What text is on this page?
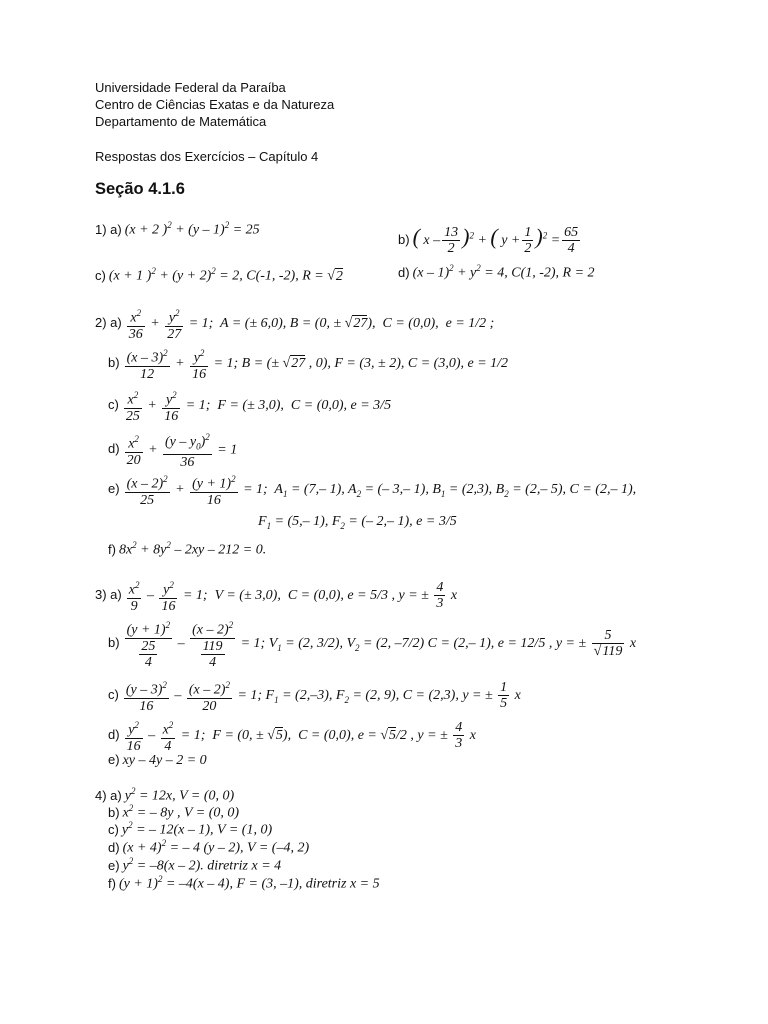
Universidade Federal da Paraíba
Centro de Ciências Exatas e da Natureza
Departamento de Matemática
Respostas dos Exercícios – Capítulo 4
Seção 4.1.6
1) a) (x + 2 )$^2$ + (y – 1)$^2$ = 25
b) ( x – $\frac{13}{2} )^2$ + ( $y + \frac{1}{2} )^2 = \frac{65}{4}$
c) (x + 1 )$^2 + (y + 2)^2 = 2$, C(-1, -2), R = √2	d) $(x - 1)^2 + y^2 = 4$, C(1, -2), R = 2
2) $a) \frac{x^2}{36} + \frac{y^2}{27} = 1$;  A = (± 6,0), B = (0, ± √27),  C = (0,0),  e = 1/2 ;
$b) \frac{(x - 3)^2}{12} + \frac{y^2}{16} = 1$; B = (± √27 , 0), F = (3, ± 2), C = (3,0), e = 1/2
$c) \frac{x^2}{25} + \frac{y^2}{16} = 1$;  F = (± 3,0),  C = (0,0), e = 3/5
$d) \frac{x^2}{20} + \frac{(y - y_0)^2}{36} = 1$
$e) \frac{(x - 2)^2}{25} + \frac{(y + 1)^2}{16} = 1$;  $A_1 = (7,-$ 1), $A_2$ = (– 3,– 1), $B_1 = (2,3)$, $B_2 = (2,-$ 5), C = (2,– 1),
$F_1 = (5,-$ 1), $F_2$ = (– 2,– 1), e = 3/5
f) $8x^2 + 8y^2 - 2xy - 212 = 0$.
3) $a) \frac{x^2}{9} - \frac{y^2}{16} = 1$;  V = (± 3,0),  C = (0,0), e = 5/3 , y = ± $\frac{4}{3}$ x
$b) \frac{(y + 1)^2}{\frac{25}{4}} - \frac{(x - 2)^2}{\frac{119}{4}} = 1$; $V_1 = (2$, 3/2), $V_2 = (2$, –7/2) C = (2,– 1), e = 12/5 , y = ± $\frac{5}{√119}$ x
$c) \frac{(y - 3)^2}{16} - \frac{(x - 2)^2}{20} = 1$; $F_1 = (2,-3)$, $F_2 = (2$, 9), C = (2,3), y = ± $\frac{1}{5}$ x
$d) \frac{y^2}{16} - \frac{x^2}{4} = 1$;  F = (0, ± √5),  C = (0,0), e = √5/2 , y = ± $\frac{4}{3}$ x
e) xy – 4y – 2 = 0
4) a) $y^2 = 12x$, V = (0, 0)
b) $x^2$ = – 8y , V = (0, 0)
c) $y^2$ = – 12(x – 1), V = (1, 0)
d) $(x + 4)^2$ = – 4 (y – 2), V = (–4, 2)
e) $y^2 = -8(x - 2)$. diretriz x = 4
f) $(y + 1)^2 = -4(x - 4)$, F = (3, –1), diretriz x = 5
